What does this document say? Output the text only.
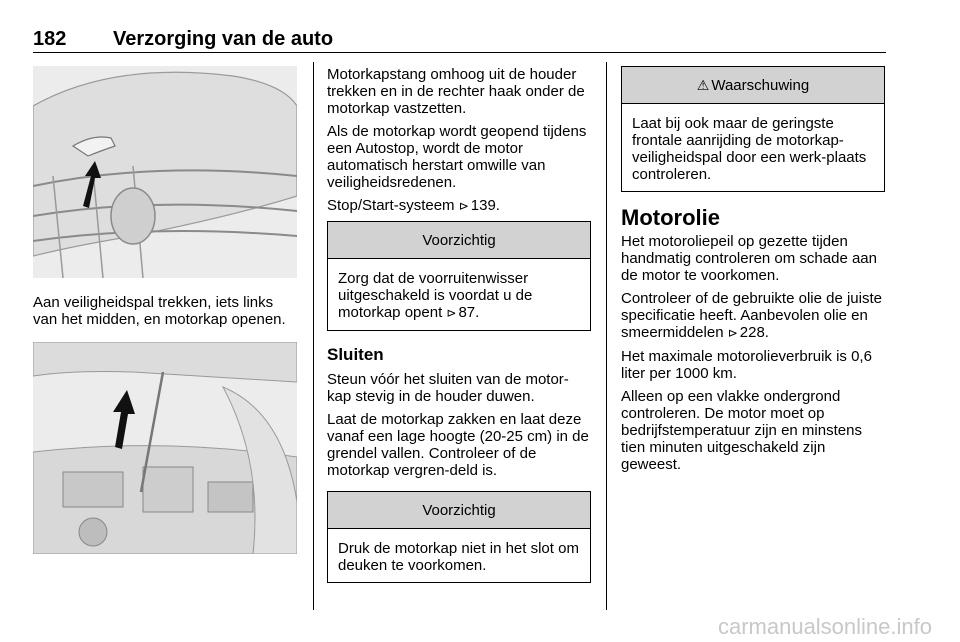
182 Verzorging van de auto

Aan veiligheidspal trekken, iets links van het midden, en motorkap openen.

Motorkapstang omhoog uit de houder trekken en in de rechter haak onder de motorkap vastzetten.

Als de motorkap wordt geopend tijdens een Autostop, wordt de motor automatisch herstart omwille van veiligheidsredenen.

Stop/Start-systeem ⊳ 139.

Voorzichtig

Zorg dat de voorruitenwisser uitgeschakeld is voordat u de motorkap opent ⊳ 87.

Sluiten

Steun vóór het sluiten van de motor-kap stevig in de houder duwen.

Laat de motorkap zakken en laat deze vanaf een lage hoogte (20-25 cm) in de grendel vallen. Controleer of de motorkap vergren-deld is.

Voorzichtig

Druk de motorkap niet in het slot om deuken te voorkomen.

⚠ Waarschuwing

Laat bij ook maar de geringste frontale aanrijding de motorkap-veiligheidspal door een werk-plaats controleren.

Motorolie

Het motoroliepeil op gezette tijden handmatig controleren om schade aan de motor te voorkomen.

Controleer of de gebruikte olie de juiste specificatie heeft. Aanbevolen olie en smeermiddelen ⊳ 228.

Het maximale motorolieverbruik is 0,6 liter per 1000 km.

Alleen op een vlakke ondergrond controleren. De motor moet op bedrijfstemperatuur zijn en minstens tien minuten uitgeschakeld zijn geweest.

carmanualsonline.info
